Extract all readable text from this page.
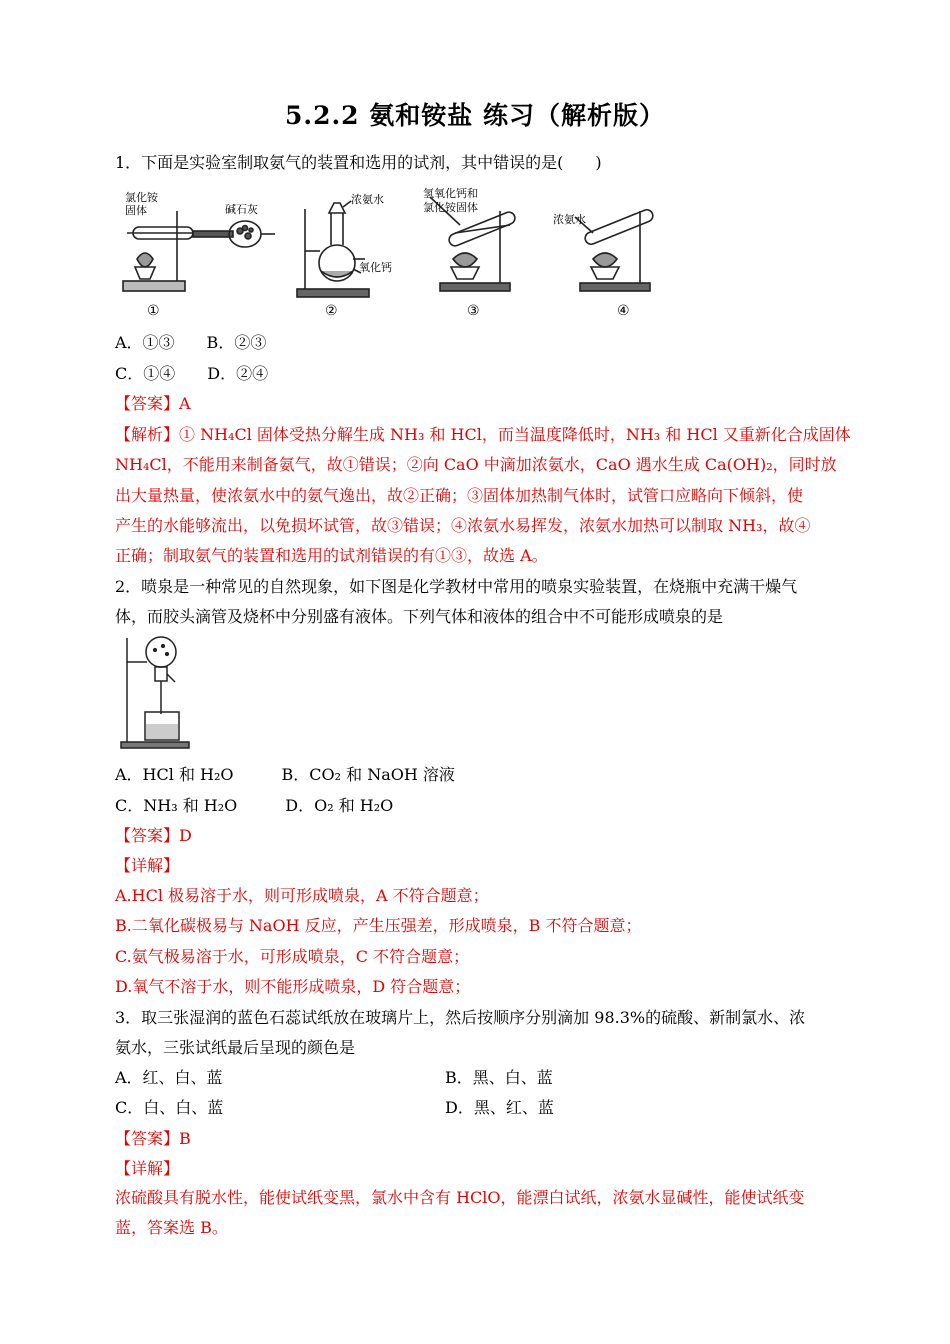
5.2.2 氨和铵盐 练习（解析版）
1．下面是实验室制取氨气的装置和选用的试剂，其中错误的是(　　)
氯化铵
固体	碱石灰
浓氨水
氧化钙
氢氧化钙和
氯化铵固体
浓氨水
①	②	③	④
A．①③　　B．②③
C．①④　　D．②④
【答案】A
【解析】① NH₄Cl 固体受热分解生成 NH₃ 和 HCl，而当温度降低时，NH₃ 和 HCl 又重新化合成固体
NH₄Cl，不能用来制备氨气，故①错误；②向 CaO 中滴加浓氨水，CaO 遇水生成 Ca(OH)₂，同时放
出大量热量，使浓氨水中的氨气逸出，故②正确；③固体加热制气体时，试管口应略向下倾斜，使
产生的水能够流出，以免损坏试管，故③错误；④浓氨水易挥发，浓氨水加热可以制取 NH₃，故④
正确；制取氨气的装置和选用的试剂错误的有①③，故选 A。
2．喷泉是一种常见的自然现象，如下图是化学教材中常用的喷泉实验装置，在烧瓶中充满干燥气
体，而胶头滴管及烧杯中分别盛有液体。下列气体和液体的组合中不可能形成喷泉的是
A．HCl 和 H₂O　　　B．CO₂ 和 NaOH 溶液
C．NH₃ 和 H₂O　　　D．O₂ 和 H₂O
【答案】D
【详解】
A.HCl 极易溶于水，则可形成喷泉，A 不符合题意；
B.二氧化碳极易与 NaOH 反应，产生压强差，形成喷泉，B 不符合题意；
C.氨气极易溶于水，可形成喷泉，C 不符合题意；
D.氧气不溶于水，则不能形成喷泉，D 符合题意；
3．取三张湿润的蓝色石蕊试纸放在玻璃片上，然后按顺序分别滴加 98.3%的硫酸、新制氯水、浓
氨水，三张试纸最后呈现的颜色是
A．红、白、蓝	B．黑、白、蓝
C．白、白、蓝	D．黑、红、蓝
【答案】B
【详解】
浓硫酸具有脱水性，能使试纸变黑，氯水中含有 HClO，能漂白试纸，浓氨水显碱性，能使试纸变
蓝，答案选 B。
